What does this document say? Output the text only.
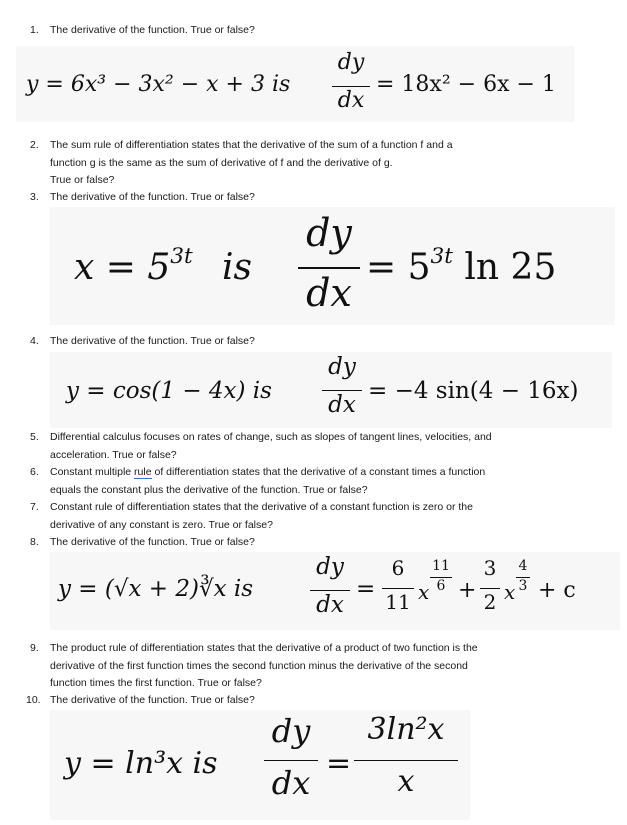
1.	The derivative of the function. True or false?
y = 6x³ − 3x² − x + 3 is
dy
dx
= 18x² − 6x − 1
2.	The sum rule of differentiation states that the derivative of the sum of a function f and a
function g is the same as the sum of derivative of f and the derivative of g.
True or false?
3.	The derivative of the function. True or false?
$x = 5^{3t}$ is
dy
dx
= $5^{3t}$ ln 25
4.	The derivative of the function. True or false?
y = cos(1 − 4x) is
dy
dx
= −4 sin(4 − 16x)
5.	Differential calculus focuses on rates of change, such as slopes of tangent lines, velocities, and
acceleration. True or false?
6.	Constant multiple rule of differentiation states that the derivative of a constant times a function
equals the constant plus the derivative of the function. True or false?
7.	Constant rule of differentiation states that the derivative of a constant function is zero or the
derivative of any constant is zero. True or false?
8.	The derivative of the function. True or false?
y = (√x + 2)∛x is
dy
dx
=
6
11 x
11
6 +
3
2 x
4
3 + c
9.	The product rule of differentiation states that the derivative of a product of two function is the
derivative of the first function times the second function minus the derivative of the second
function times the first function. True or false?
10. The derivative of the function. True or false?
y = ln³x is
dy
dx
=
3ln²x
x
